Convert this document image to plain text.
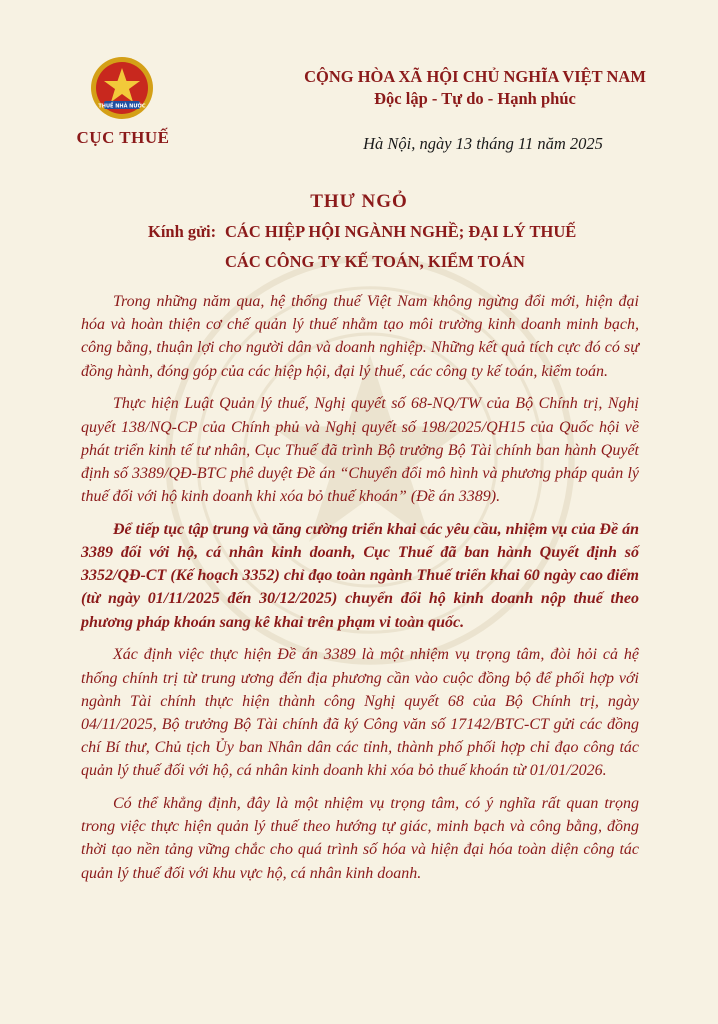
THUẾ NHÀ NƯỚC
CỤC THUẾ
CỘNG HÒA XÃ HỘI CHỦ NGHĨA VIỆT NAM
Độc lập - Tự do - Hạnh phúc
Hà Nội, ngày 13 tháng 11 năm 2025
THƯ NGỎ
Kính gửi: CÁC HIỆP HỘI NGÀNH NGHỀ; ĐẠI LÝ THUẾ
CÁC CÔNG TY KẾ TOÁN, KIỂM TOÁN

Trong những năm qua, hệ thống thuế Việt Nam không ngừng đổi mới, hiện đại hóa và hoàn thiện cơ chế quản lý thuế nhằm tạo môi trường kinh doanh minh bạch, công bằng, thuận lợi cho người dân và doanh nghiệp. Những kết quả tích cực đó có sự đồng hành, đóng góp của các hiệp hội, đại lý thuế, các công ty kế toán, kiểm toán.

Thực hiện Luật Quản lý thuế, Nghị quyết số 68-NQ/TW của Bộ Chính trị, Nghị quyết 138/NQ-CP của Chính phủ và Nghị quyết số 198/2025/QH15 của Quốc hội về phát triển kinh tế tư nhân, Cục Thuế đã trình Bộ trưởng Bộ Tài chính ban hành Quyết định số 3389/QĐ-BTC phê duyệt Đề án “Chuyển đổi mô hình và phương pháp quản lý thuế đối với hộ kinh doanh khi xóa bỏ thuế khoán” (Đề án 3389).

Để tiếp tục tập trung và tăng cường triển khai các yêu cầu, nhiệm vụ của Đề án 3389 đối với hộ, cá nhân kinh doanh, Cục Thuế đã ban hành Quyết định số 3352/QĐ-CT (Kế hoạch 3352) chỉ đạo toàn ngành Thuế triển khai 60 ngày cao điểm (từ ngày 01/11/2025 đến 30/12/2025) chuyển đổi hộ kinh doanh nộp thuế theo phương pháp khoán sang kê khai trên phạm vi toàn quốc.

Xác định việc thực hiện Đề án 3389 là một nhiệm vụ trọng tâm, đòi hỏi cả hệ thống chính trị từ trung ương đến địa phương cần vào cuộc đồng bộ để phối hợp với ngành Tài chính thực hiện thành công Nghị quyết 68 của Bộ Chính trị, ngày 04/11/2025, Bộ trưởng Bộ Tài chính đã ký Công văn số 17142/BTC-CT gửi các đồng chí Bí thư, Chủ tịch Ủy ban Nhân dân các tỉnh, thành phố phối hợp chỉ đạo công tác quản lý thuế đối với hộ, cá nhân kinh doanh khi xóa bỏ thuế khoán từ 01/01/2026.

Có thể khẳng định, đây là một nhiệm vụ trọng tâm, có ý nghĩa rất quan trọng trong việc thực hiện quản lý thuế theo hướng tự giác, minh bạch và công bằng, đồng thời tạo nền tảng vững chắc cho quá trình số hóa và hiện đại hóa toàn diện công tác quản lý thuế đối với khu vực hộ, cá nhân kinh doanh.
